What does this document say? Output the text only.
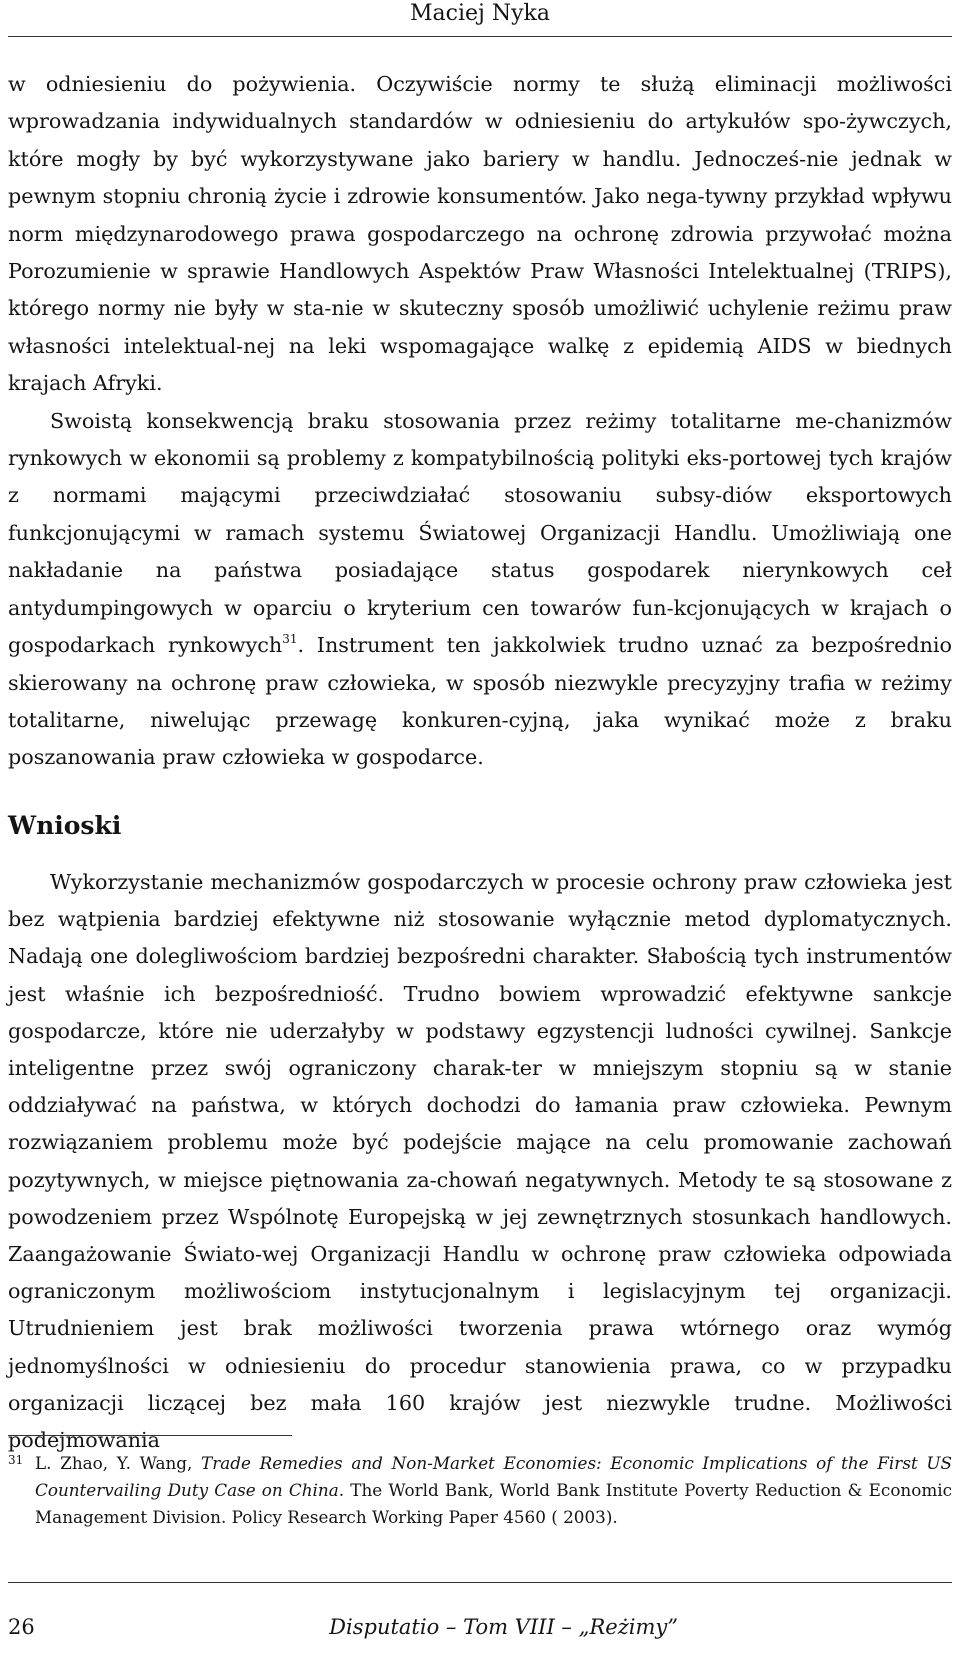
Maciej Nyka

w odniesieniu do pożywienia. Oczywiście normy te służą eliminacji możliwości wprowadzania indywidualnych standardów w odniesieniu do artykułów spo-żywczych, które mogły by być wykorzystywane jako bariery w handlu. Jednocześ-nie jednak w pewnym stopniu chronią życie i zdrowie konsumentów. Jako nega-tywny przykład wpływu norm międzynarodowego prawa gospodarczego na ochronę zdrowia przywołać można Porozumienie w sprawie Handlowych Aspektów Praw Własności Intelektualnej (TRIPS), którego normy nie były w sta-nie w skuteczny sposób umożliwić uchylenie reżimu praw własności intelektual-nej na leki wspomagające walkę z epidemią AIDS w biednych krajach Afryki.

Swoistą konsekwencją braku stosowania przez reżimy totalitarne me-chanizmów rynkowych w ekonomii są problemy z kompatybilnością polityki eks-portowej tych krajów z normami mającymi przeciwdziałać stosowaniu subsy-diów eksportowych funkcjonującymi w ramach systemu Światowej Organizacji Handlu. Umożliwiają one nakładanie na państwa posiadające status gospodarek nierynkowych ceł antydumpingowych w oparciu o kryterium cen towarów fun-kcjonujących w krajach o gospodarkach rynkowych$^{31}$. Instrument ten jakkolwiek trudno uznać za bezpośrednio skierowany na ochronę praw człowieka, w sposób niezwykle precyzyjny trafia w reżimy totalitarne, niwelując przewagę konkuren-cyjną, jaka wynikać może z braku poszanowania praw człowieka w gospodarce.

Wnioski

Wykorzystanie mechanizmów gospodarczych w procesie ochrony praw człowieka jest bez wątpienia bardziej efektywne niż stosowanie wyłącznie metod dyplomatycznych. Nadają one dolegliwościom bardziej bezpośredni charakter. Słabością tych instrumentów jest właśnie ich bezpośredniość. Trudno bowiem wprowadzić efektywne sankcje gospodarcze, które nie uderzałyby w podstawy egzystencji ludności cywilnej. Sankcje inteligentne przez swój ograniczony charak-ter w mniejszym stopniu są w stanie oddziaływać na państwa, w których dochodzi do łamania praw człowieka. Pewnym rozwiązaniem problemu może być podejście mające na celu promowanie zachowań pozytywnych, w miejsce piętnowania za-chowań negatywnych. Metody te są stosowane z powodzeniem przez Wspólnotę Europejską w jej zewnętrznych stosunkach handlowych. Zaangażowanie Świato-wej Organizacji Handlu w ochronę praw człowieka odpowiada ograniczonym możliwościom instytucjonalnym i legislacyjnym tej organizacji. Utrudnieniem jest brak możliwości tworzenia prawa wtórnego oraz wymóg jednomyślności w odniesieniu do procedur stanowienia prawa, co w przypadku organizacji liczącej bez mała 160 krajów jest niezwykle trudne. Możliwości podejmowania

31 L. Zhao, Y. Wang, Trade Remedies and Non-Market Economies: Economic Implications of the First US Countervailing Duty Case on China. The World Bank, World Bank Institute Poverty Reduction & Economic Management Division. Policy Research Working Paper 4560 ( 2003).
26	Disputatio – Tom VIII – „Reżimy”
